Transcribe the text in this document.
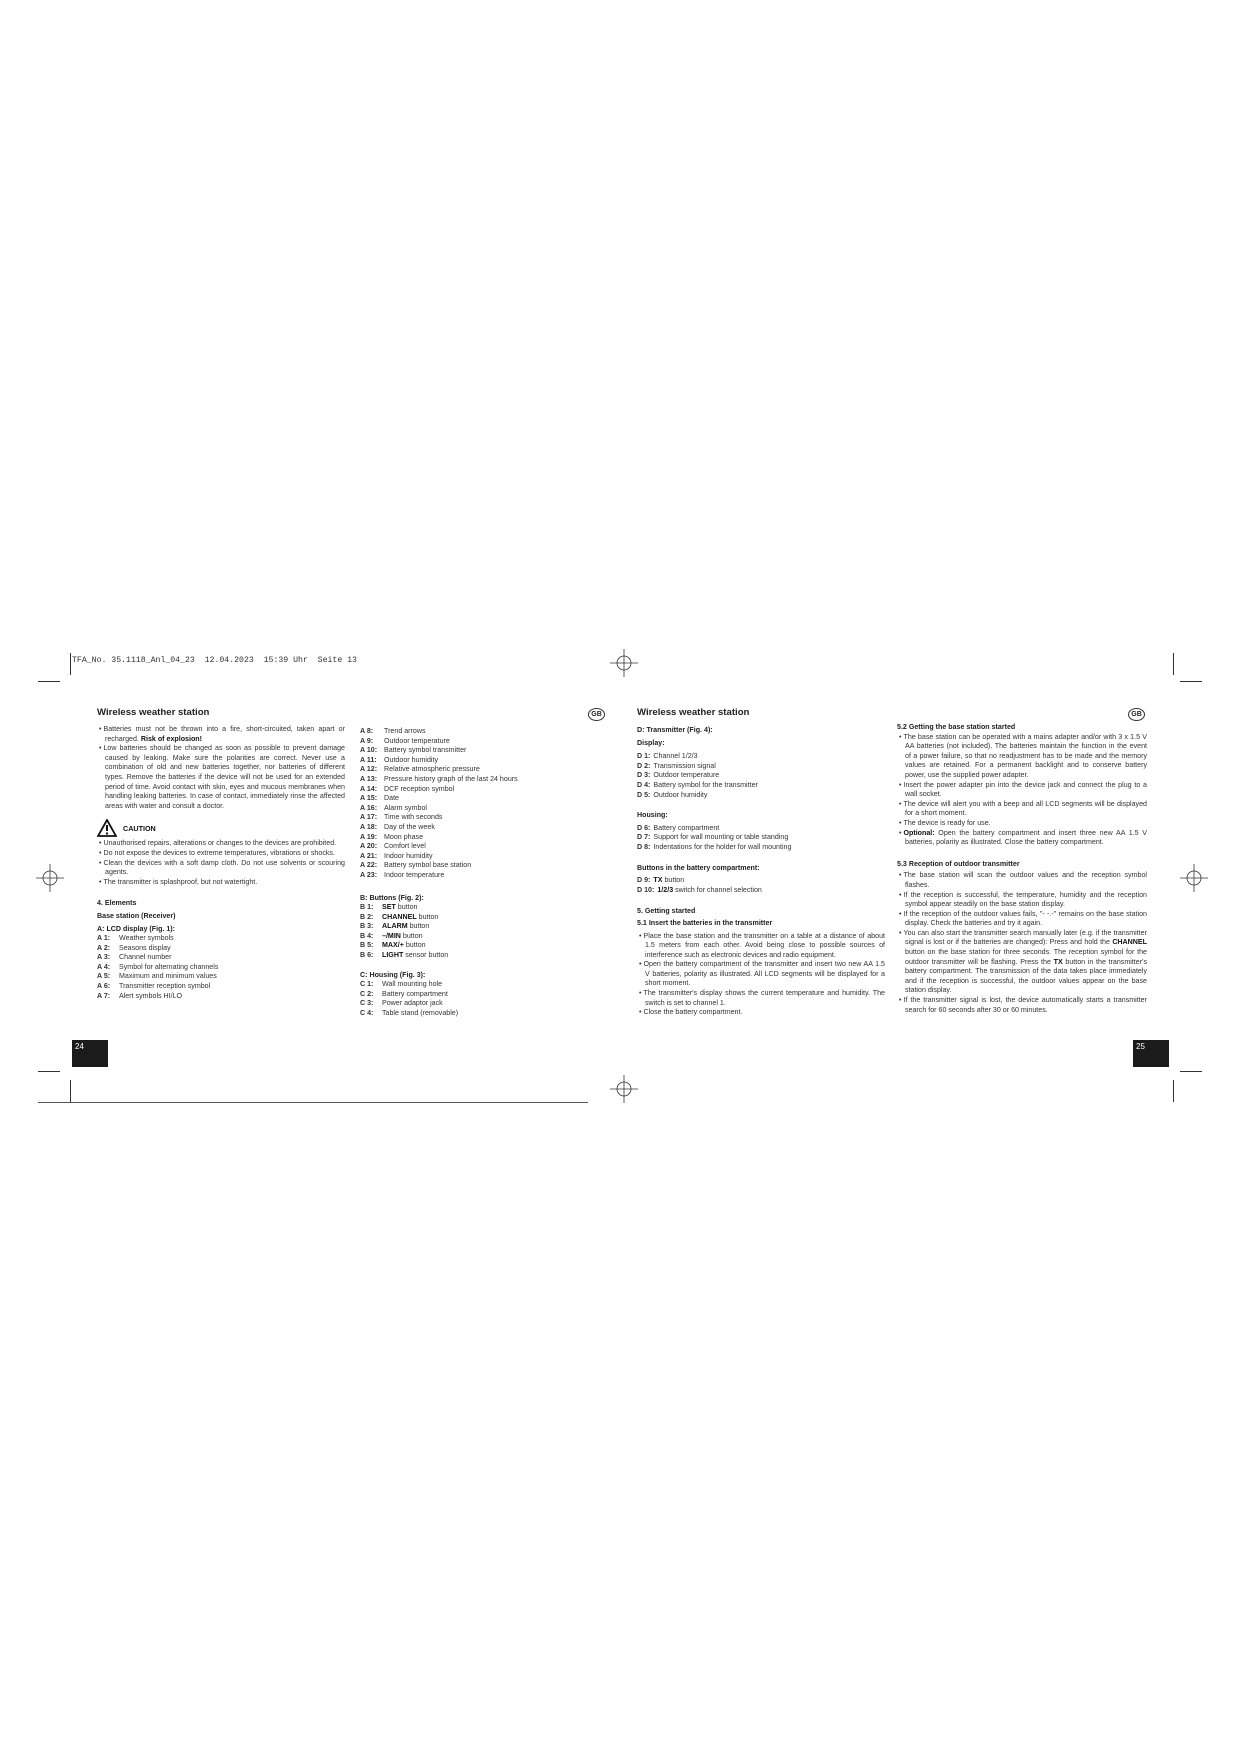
TFA_No. 35.1118_Anl_04_23  12.04.2023  15:39 Uhr  Seite 13
Wireless weather station	GB

• Batteries must not be thrown into a fire, short-circuited, taken apart or recharged. Risk of explosion!

• Low batteries should be changed as soon as possible to prevent damage caused by leaking. Make sure the polarities are correct. Never use a combination of old and new batteries together, nor batteries of different types. Remove the batteries if the device will not be used for an extended period of time. Avoid contact with skin, eyes and mucous membranes when handling leaking batteries. In case of contact, immediately rinse the affected areas with water and consult a doctor.

CAUTION

• Unauthorised repairs, alterations or changes to the devices are prohibited.

• Do not expose the devices to extreme temperatures, vibrations or shocks.

• Clean the devices with a soft damp cloth. Do not use solvents or scouring agents.

• The transmitter is splashproof, but not watertight.

4. Elements

Base station (Receiver)

A: LCD display (Fig. 1):

A 1:	Weather symbols
A 2:	Seasons display
A 3:	Channel number
A 4:	Symbol for alternating channels
A 5:	Maximum and minimum values
A 6:	Transmitter reception symbol
A 7:	Alert symbols HI/LO
A 8:	Trend arrows
A 9:	Outdoor temperature
A 10: Battery symbol transmitter
A 11:	Outdoor humidity
A 12: Relative atmospheric pressure
A 13: Pressure history graph of the last 24 hours
A 14: DCF reception symbol
A 15: Date
A 16: Alarm symbol
A 17: Time with seconds
A 18: Day of the week
A 19: Moon phase
A 20: Comfort level
A 21: Indoor humidity
A 22: Battery symbol base station
A 23: Indoor temperature

B: Buttons (Fig. 2):

B 1:	SET button
B 2:	CHANNEL button
B 3:	ALARM button
B 4:	–/MIN button
B 5:	MAX/+ button
B 6:	LIGHT sensor button

C: Housing (Fig. 3):

C 1:	Wall mounting hole
C 2:	Battery compartment
C 3:	Power adaptor jack
C 4:	Table stand (removable)
24
Wireless weather station	GB

D: Transmitter (Fig. 4):

Display:

D 1: Channel 1/2/3
D 2: Transmission signal
D 3: Outdoor temperature
D 4: Battery symbol for the transmitter
D 5: Outdoor humidity

Housing:

D 6: Battery compartment
D 7: Support for wall mounting or table standing
D 8: Indentations for the holder for wall mounting

Buttons in the battery compartment:

D 9: TX button
D 10: 1/2/3 switch for channel selection

5. Getting started

5.1 Insert the batteries in the transmitter

• Place the base station and the transmitter on a table at a distance of about 1.5 meters from each other. Avoid being close to possible sources of interference such as electronic devices and radio equipment.

• Open the battery compartment of the transmitter and insert two new AA 1.5 V batteries, polarity as illustrated. All LCD segments will be displayed for a short moment.

• The transmitter's display shows the current temperature and humidity. The switch is set to channel 1.

• Close the battery compartment.

5.2 Getting the base station started

• The base station can be operated with a mains adapter and/or with 3 x 1.5 V AA batteries (not included). The batteries maintain the function in the event of a power failure, so that no readjustment has to be made and the memory values are retained. For a permanent backlight and to conserve battery power, use the supplied power adapter.

• Insert the power adapter pin into the device jack and connect the plug to a wall socket.

• The device will alert you with a beep and all LCD segments will be displayed for a short moment.

• The device is ready for use.

• Optional: Open the battery compartment and insert three new AA 1.5 V batteries, polarity as illustrated. Close the battery compartment.

5.3 Reception of outdoor transmitter

• The base station will scan the outdoor values and the reception symbol flashes.

• If the reception is successful, the temperature, humidity and the reception symbol appear steadily on the base station display.

• If the reception of the outdoor values fails, "- -.-" remains on the base station display. Check the batteries and try it again.

• You can also start the transmitter search manually later (e.g. if the transmitter signal is lost or if the batteries are changed): Press and hold the CHANNEL button on the base station for three seconds. The reception symbol for the outdoor transmitter will be flashing. Press the TX button in the transmitter's battery compartment. The transmission of the data takes place immediately and if the reception is successful, the outdoor values appear on the base station display.

• If the transmitter signal is lost, the device automatically starts a transmitter search for 60 seconds after 30 or 60 minutes.

25
